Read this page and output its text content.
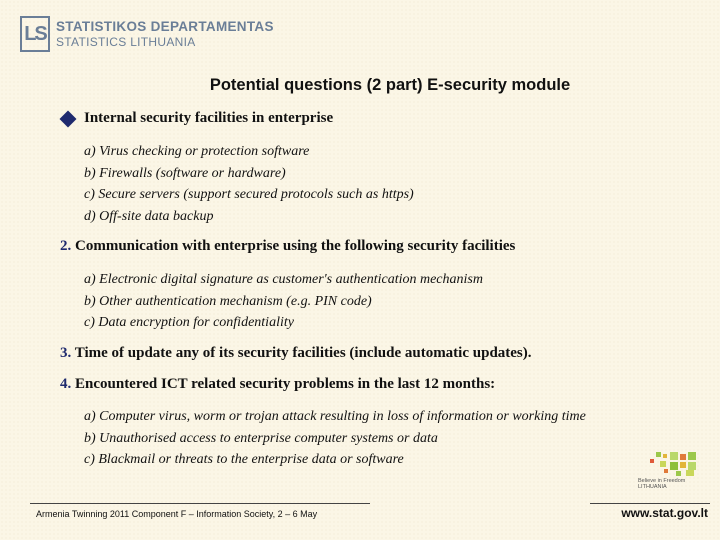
LS STATISTIKOS DEPARTAMENTAS
STATISTICS LITHUANIA
Potential questions (2 part) E-security module
Internal security facilities in enterprise
a) Virus checking or protection software
b) Firewalls (software or hardware)
c) Secure servers (support secured protocols such as https)
d) Off-site data backup
2. Communication with enterprise using the following security facilities
a) Electronic digital signature as customer's authentication mechanism
b) Other authentication mechanism (e.g. PIN code)
c) Data encryption for confidentiality
3. Time of update any of its security facilities (include automatic updates).
4. Encountered ICT related security problems in the last 12 months:
a) Computer virus, worm or trojan attack resulting in loss of information or working time
b) Unauthorised access to enterprise computer systems or data
c) Blackmail or threats to the enterprise data or software
Believe in Freedom
LITHUANIA
Armenia Twinning 2011 Component F – Information Society, 2 – 6 May	www.stat.gov.lt
